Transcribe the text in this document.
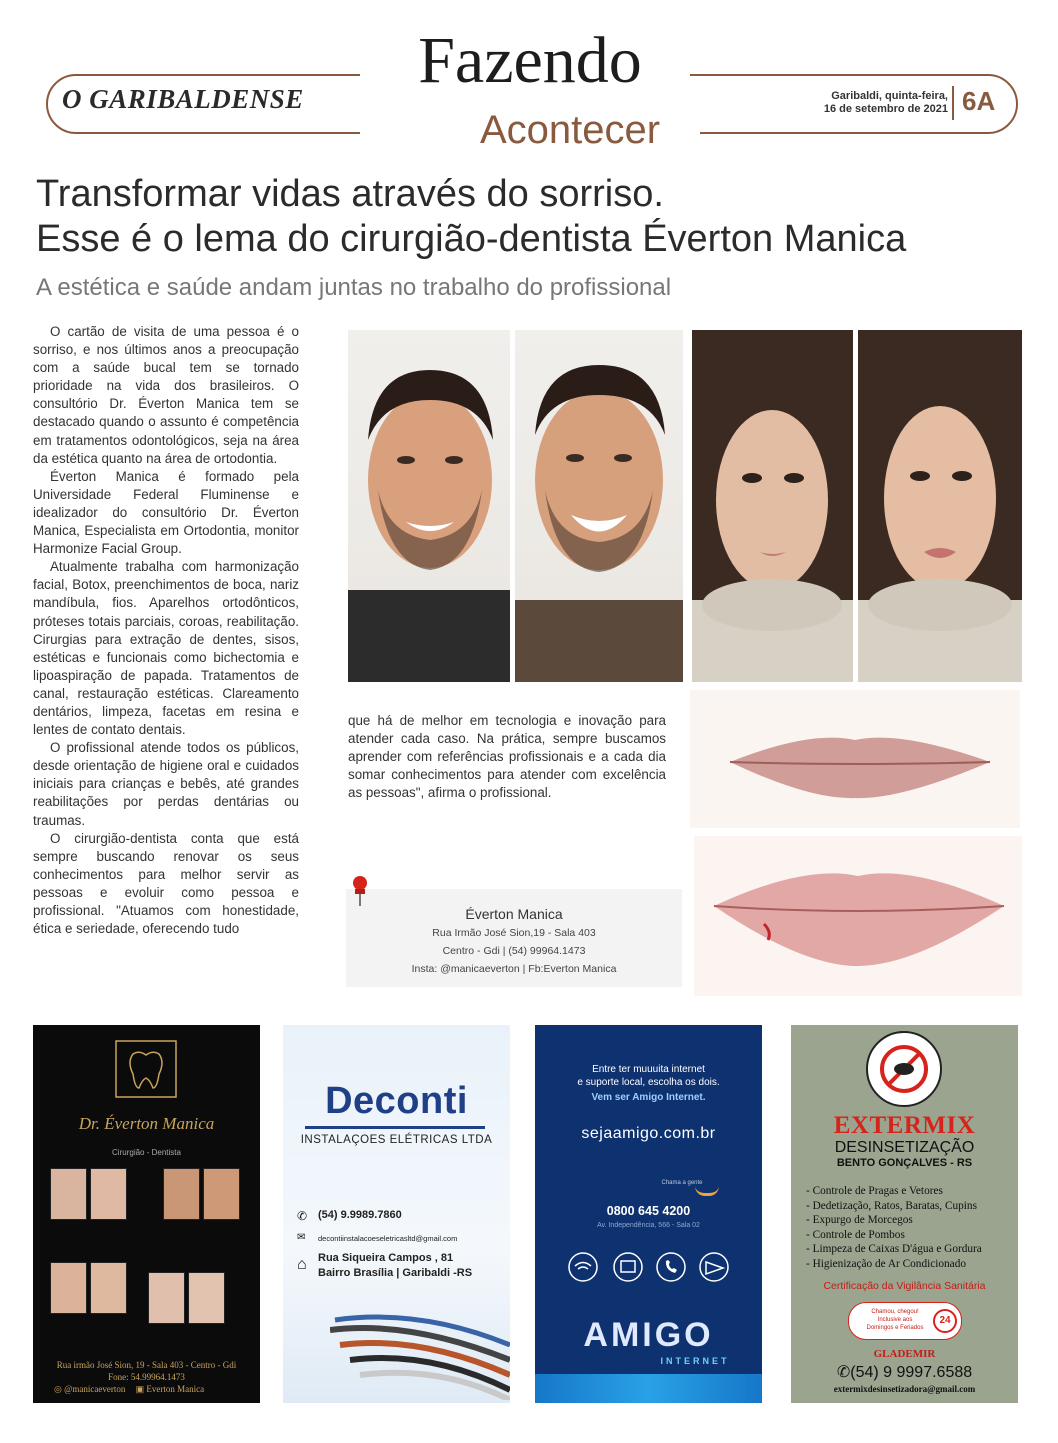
O GARIBALDENSE
Fazendo
Acontecer
Garibaldi, quinta-feira,
16 de setembro de 2021 6A
Transformar vidas através do sorriso.
Esse é o lema do cirurgião-dentista Éverton Manica
A estética e saúde andam juntas no trabalho do profissional

O cartão de visita de uma pessoa é o sorriso, e nos últimos anos a preocupação com a saúde bucal tem se tornado prioridade na vida dos brasileiros. O consultório Dr. Éverton Manica tem se destacado quando o assunto é competência em tratamentos odontológicos, seja na área da estética quanto na área de ortodontia.

Éverton Manica é formado pela Universidade Federal Fluminense e idealizador do consultório Dr. Éverton Manica, Especialista em Ortodontia, monitor Harmonize Facial Group.

Atualmente trabalha com harmonização facial, Botox, preenchimentos de boca, nariz mandíbula, fios. Aparelhos ortodônticos, próteses totais parciais, coroas, reabilitação. Cirurgias para extração de dentes, sisos, estéticas e funcionais como bichectomia e lipoaspiração de papada. Tratamentos de canal, restauração estéticas. Clareamento dentários, limpeza, facetas em resina e lentes de contato dentais.

O profissional atende todos os públicos, desde orientação de higiene oral e cuidados iniciais para crianças e bebês, até grandes reabilitações por perdas dentárias ou traumas.

O cirurgião-dentista conta que está sempre buscando renovar os seus conhecimentos para melhor servir as pessoas e evoluir como pessoa e profissional. "Atuamos com honestidade, ética e seriedade, oferecendo tudo

que há de melhor em tecnologia e inovação para atender cada caso. Na prática, sempre buscamos aprender com referências profissionais e a cada dia somar conhecimentos para atender com excelência as pessoas", afirma o profissional.
Éverton Manica
Rua Irmão José Sion,19 - Sala 403
Centro - Gdi | (54) 99964.1473
Insta: @manicaeverton | Fb:Everton Manica
Dr. Éverton Manica
Cirurgião - Dentista
Rua irmão José Sion, 19 - Sala 403 - Centro - Gdi
Fone: 54.99964.1473
◎ @manicaeverton ▣ Everton Manica
Deconti
INSTALAÇOES ELÉTRICAS LTDA
✆ (54) 9.9989.7860
✉ decontiinstalacoeseletricasltd@gmail.com
⌂ Rua Siqueira Campos , 81
Bairro Brasília | Garibaldi -RS
Entre ter muuuita internet
e suporte local, escolha os dois.
Vem ser Amigo Internet.
sejaamigo.com.br
Chama a gente
0800 645 4200
Av. Independência, 566 - Sala 02
AMIGO
INTERNET
EXTERMIX
DESINSETIZAÇÃO
BENTO GONÇALVES - RS
- Controle de Pragas e Vetores
- Dedetização, Ratos, Baratas, Cupins
- Expurgo de Morcegos
- Controle de Pombos
- Limpeza de Caixas D'água e Gordura
- Higienização de Ar Condicionado
Certificação da Vigilância Sanitária
Chamou, chegou!
Inclusive aos
Domingos e Feriados
24
GLADEMIR
✆(54) 9 9997.6588
extermixdesinsetizadora@gmail.com
